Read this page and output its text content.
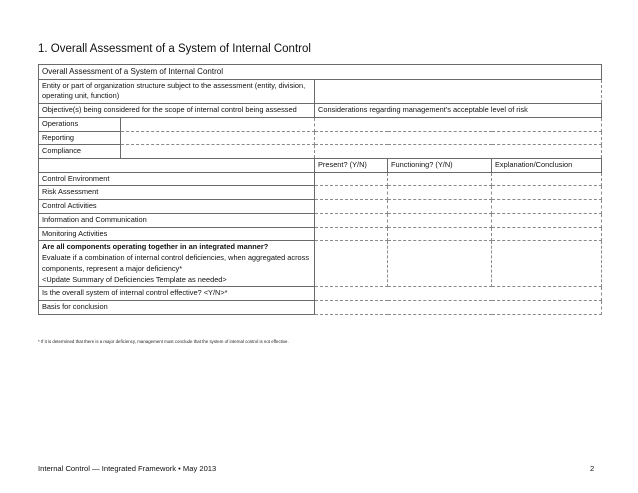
1. Overall Assessment of a System of Internal Control
Overall Assessment of a System of Internal Control				
Entity or part of organization structure subject to the assessment (entity, division, operating unit, function)				
Objective(s) being considered for the scope of internal control being assessed		Considerations regarding management’s acceptable level of risk		
Operations				
Reporting				
Compliance				
		Present? (Y/N)	Functioning? (Y/N)	Explanation/Conclusion
Control Environment				
Risk Assessment				
Control Activities				
Information and Communication				
Monitoring Activities				

Are all components operating together in an integrated manner?
Evaluate if a combination of internal control deficiencies, when aggregated across components, represent a major deficiency*
<Update Summary of Deficiencies Template as needed>				

Is the overall system of internal control effective? <Y/N>*				
Basis for conclusion				
* If it is determined that there is a major deficiency, management must conclude that the system of internal control is not effective.
Internal Control — Integrated Framework • May 2013	2
